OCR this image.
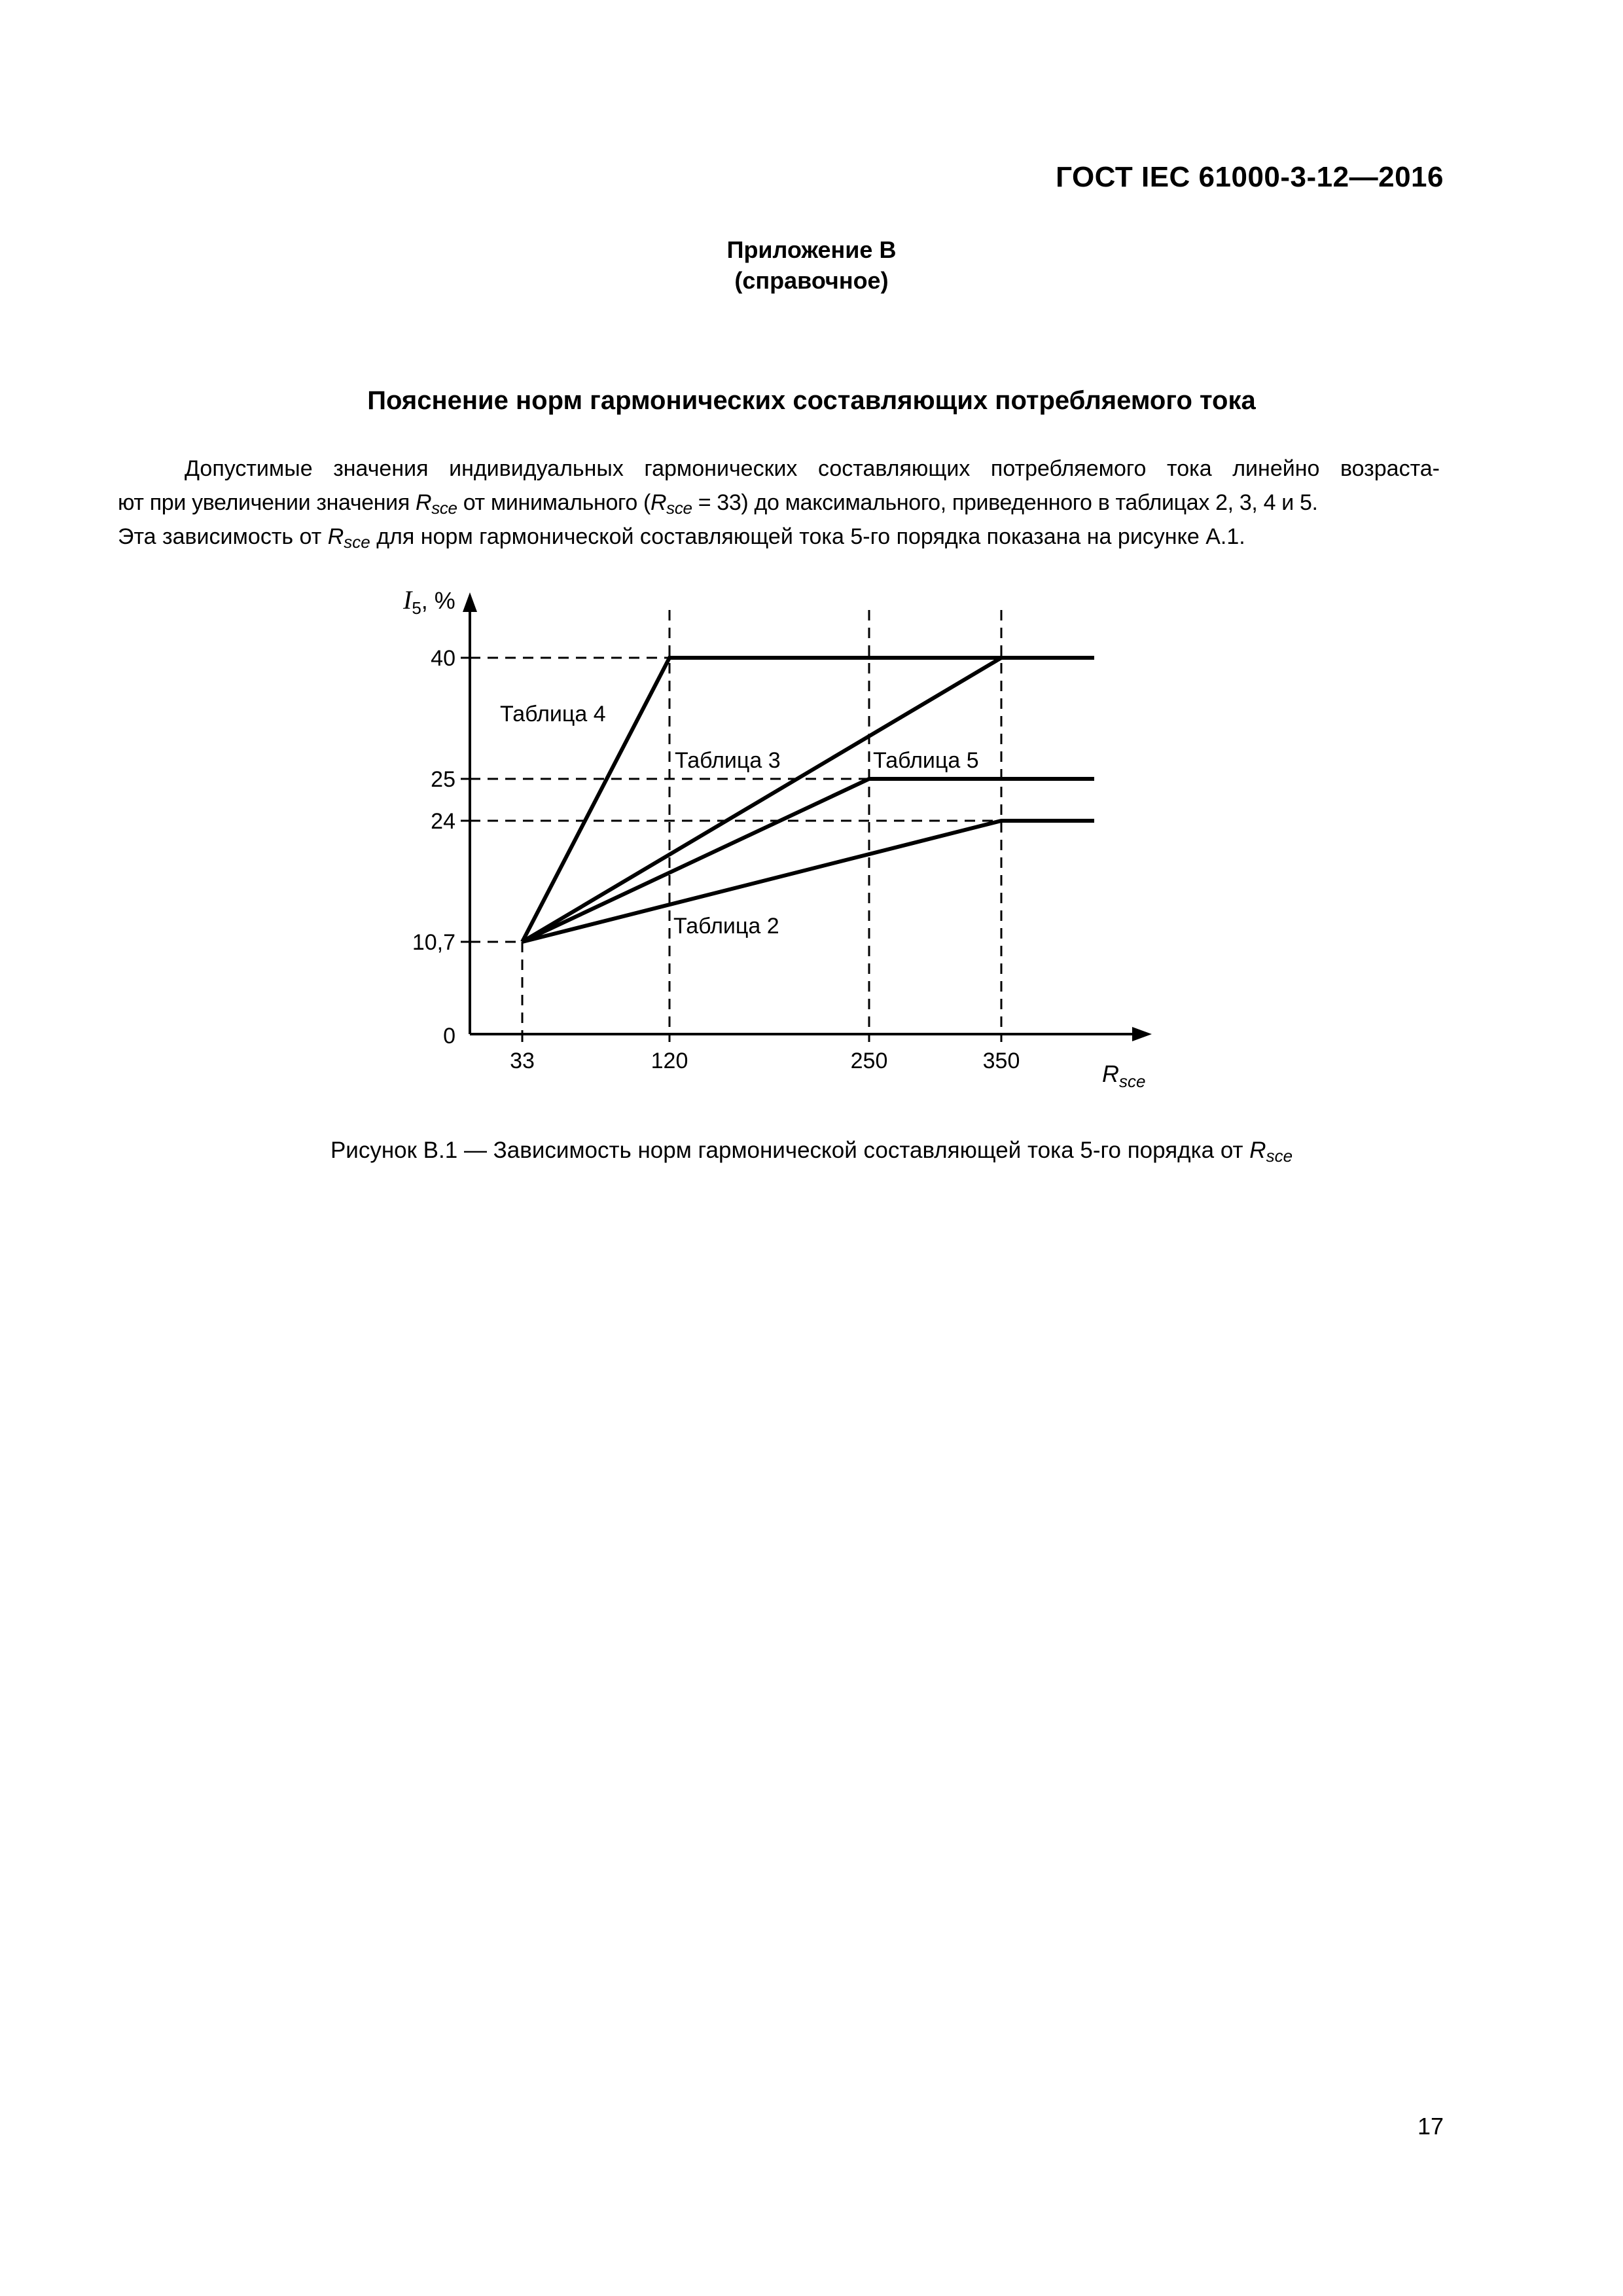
ГОСТ IEC 61000-3-12—2016
Приложение В
(справочное)
Пояснение норм гармонических составляющих потребляемого тока
Допустимые значения индивидуальных гармонических составляющих потребляемого тока линейно возраста-
ют при увеличении значения $R_{sce}$ от минимального $(R_{sce} = 33)$ до максимального, приведенного в таблицах 2, 3, 4 и 5.
Эта зависимость от $R_{sce}$ для норм гармонической составляющей тока 5-го порядка показана на рисунке А.1.
10,7
24
25
40
33	120	250	350
0
$I_5$, %
$R_{sce}$
Таблица 4
Таблица 3	Таблица 5
Таблица 2
Рисунок В.1 — Зависимость норм гармонической составляющей тока 5-го порядка от $R_{sce}$
17
